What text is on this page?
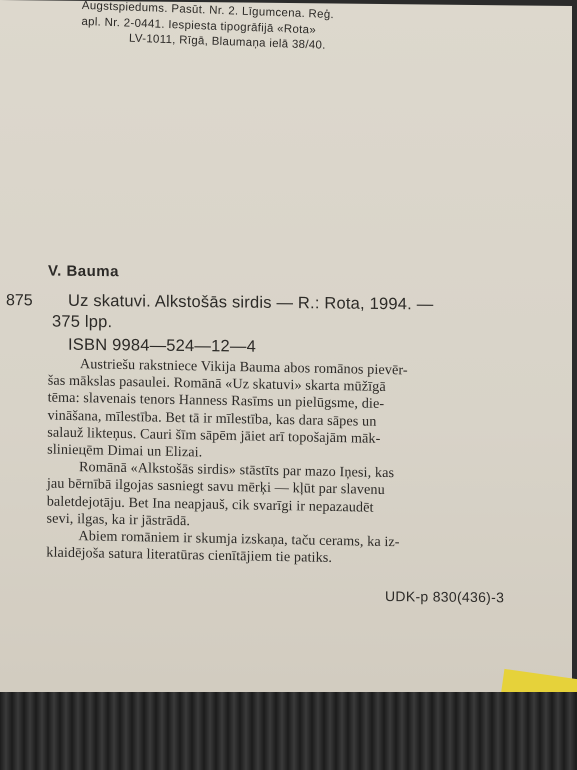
Augstspiedums. Pasūt. Nr. 2. Līgumcena. Reģ.
apl. Nr. 2-0441. Iespiesta tipogrāfijā «Rota»
LV-1011, Rīgā, Blaumaņa ielā 38/40.
V. Bauma
875 Uz skatuvi. Alkstošās sirdis — R.: Rota, 1994. —
375 lpp.
ISBN 9984—524—12—4

Austriešu rakstniece Vikija Bauma abos romānos pievēr-
šas mākslas pasaulei. Romānā «Uz skatuvi» skarta mūžīgā
tēma: slavenais tenors Hanness Rasīms un pielūgsme, die-
vināšana, mīlestība. Bet tā ir mīlestība, kas dara sāpes un
salauž likteņus. Cauri šīm sāpēm jāiet arī topošajām māk-
slinieцēm Dimai un Elizai.

Romānā «Alkstošās sirdis» stāstīts par mazo Iņesi, kas
jau bērnībā ilgojas sasniegt savu mērķi — kļūt par slavenu
baletdejotāju. Bet Ina neapjauš, cik svarīgi ir nepazaudēt
sevi, ilgas, ka ir jāstrādā.

Abiem romāniem ir skumja izskaņa, taču cerams, ka iz-
klaidējoša satura literatūras cienītājiem tie patiks.

UDK-p 830(436)-3
